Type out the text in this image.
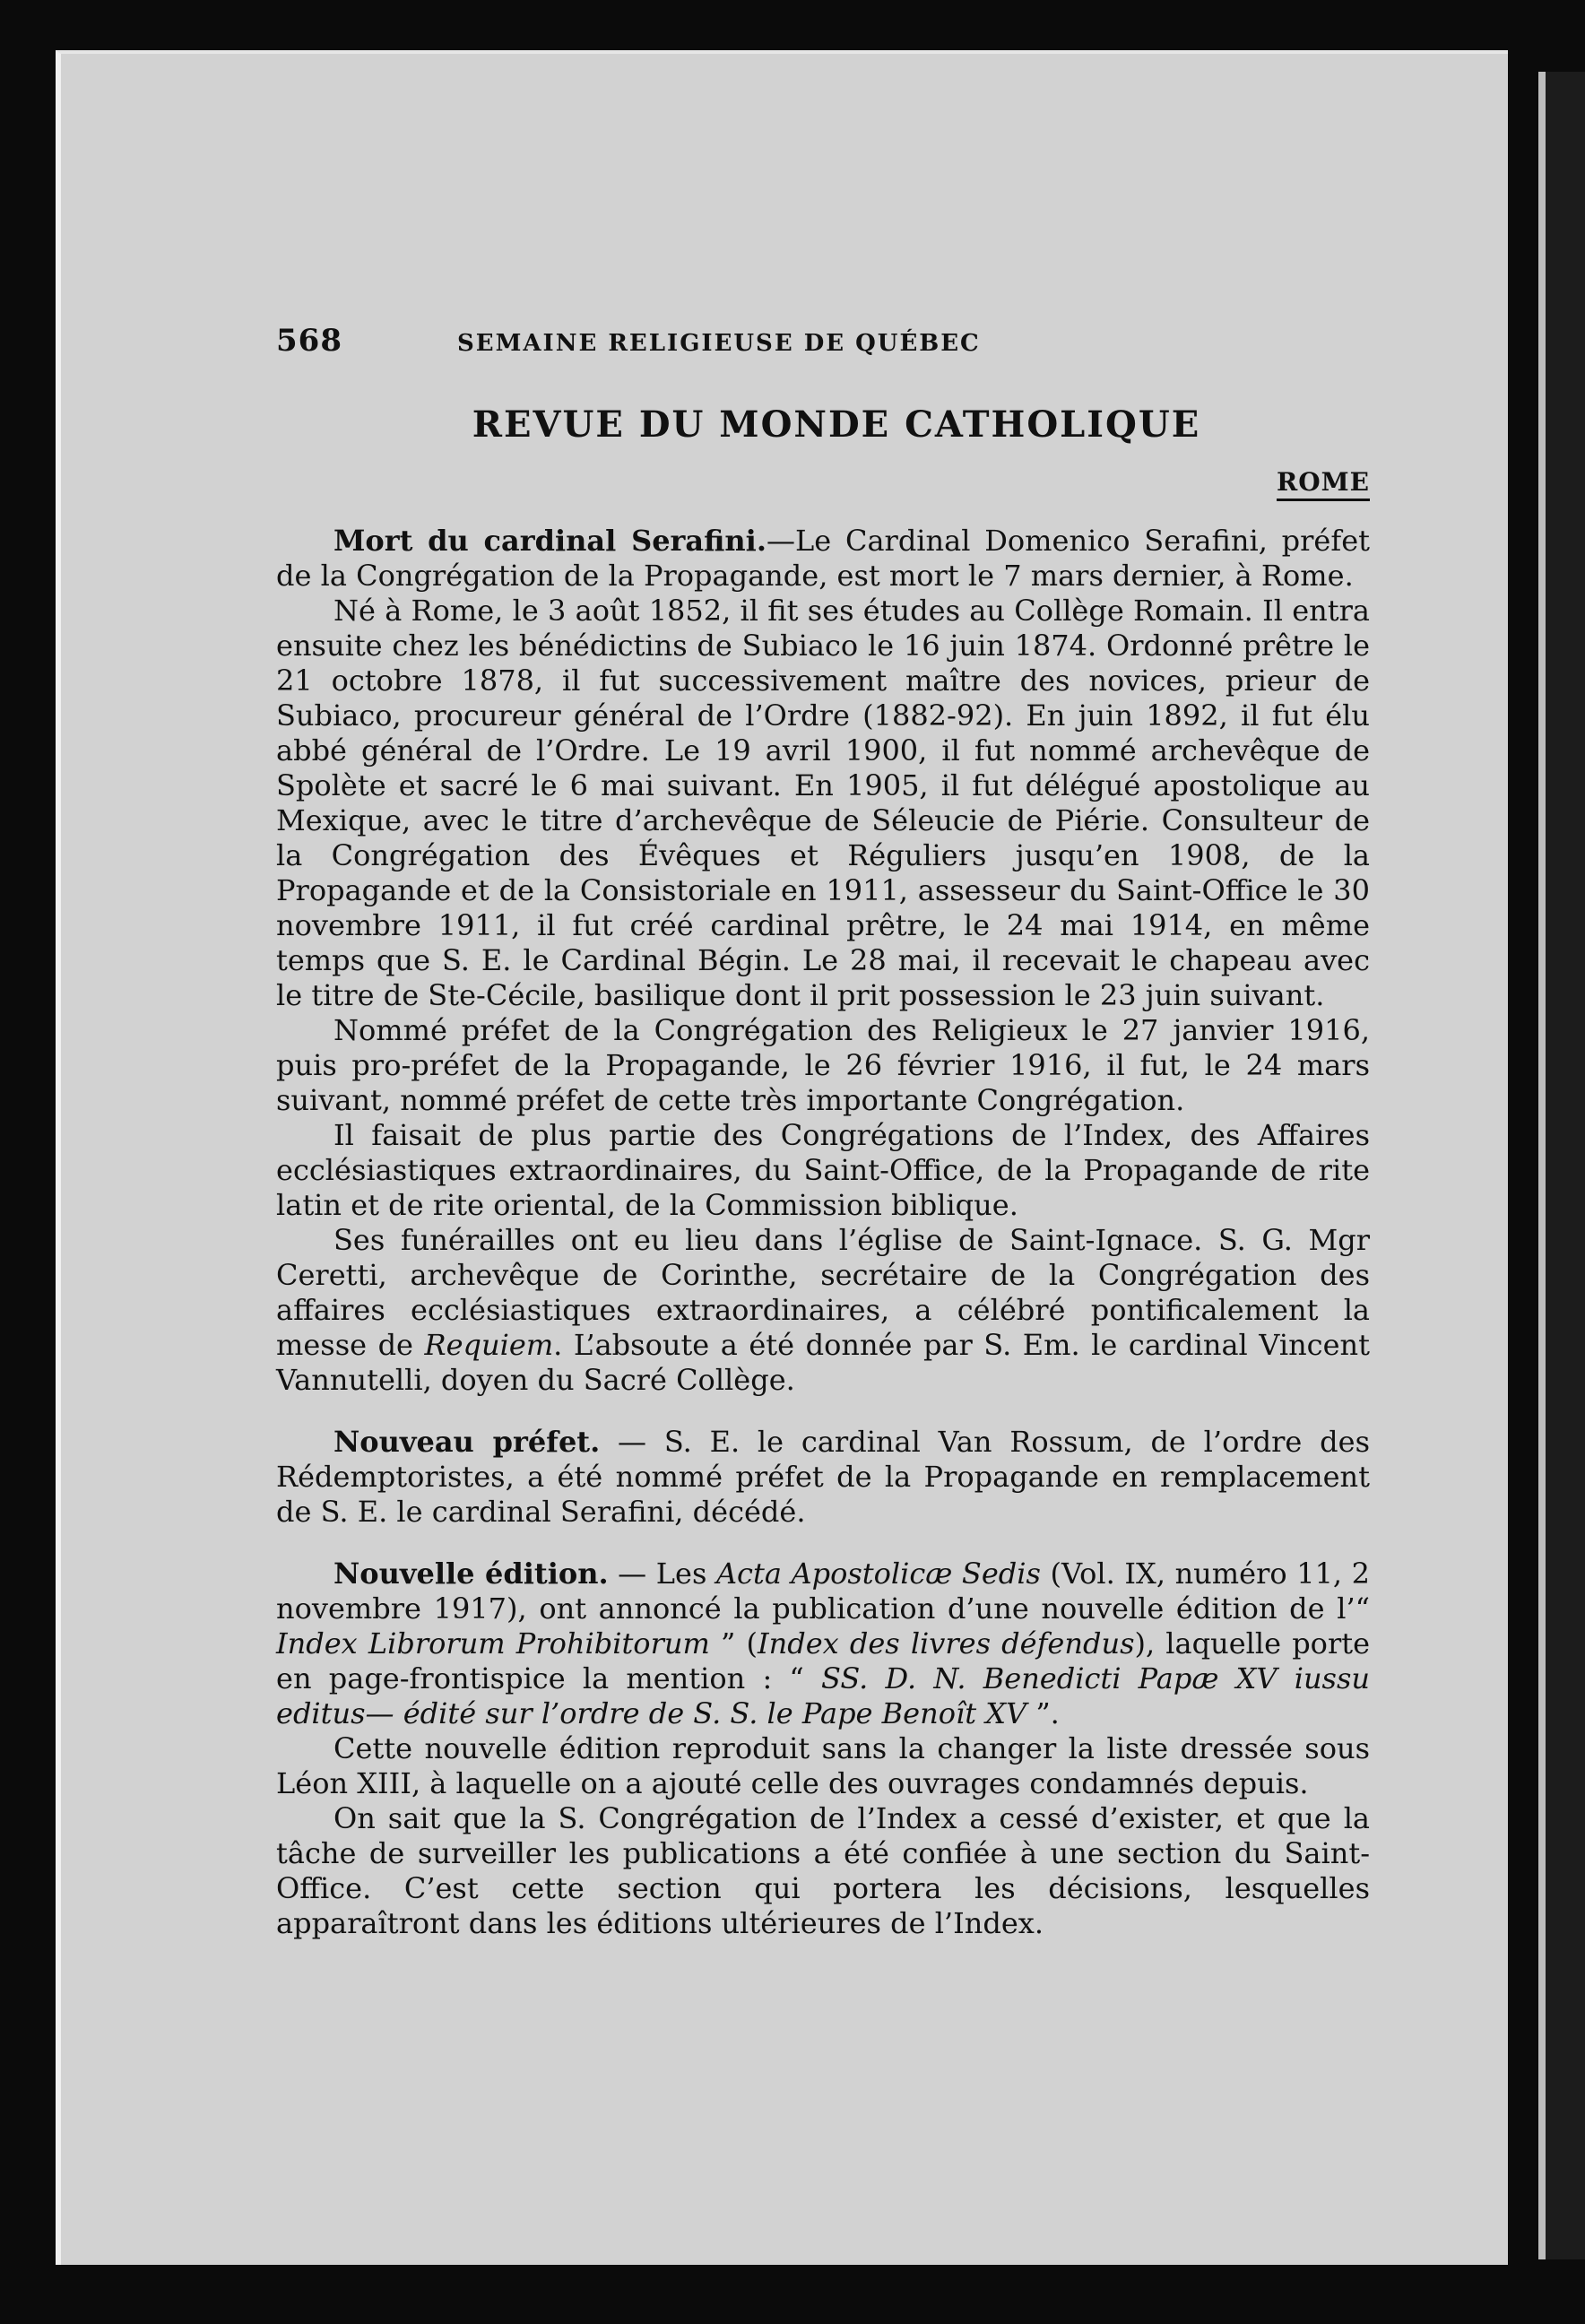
568	SEMAINE RELIGIEUSE DE QUÉBEC
REVUE DU MONDE CATHOLIQUE
ROME

Mort du cardinal Serafini.—Le Cardinal Domenico Serafini, préfet de la Congrégation de la Propagande, est mort le 7 mars dernier, à Rome.

Né à Rome, le 3 août 1852, il fit ses études au Collège Romain. Il entra ensuite chez les bénédictins de Subiaco le 16 juin 1874. Ordonné prêtre le 21 octobre 1878, il fut successivement maître des novices, prieur de Subiaco, procureur général de l’Ordre (1882-92). En juin 1892, il fut élu abbé général de l’Ordre. Le 19 avril 1900, il fut nommé archevêque de Spolète et sacré le 6 mai suivant. En 1905, il fut délégué apostolique au Mexique, avec le titre d’archevêque de Séleucie de Piérie. Consulteur de la Congrégation des Évêques et Réguliers jusqu’en 1908, de la Propagande et de la Consistoriale en 1911, assesseur du Saint-Office le 30 novembre 1911, il fut créé cardinal prêtre, le 24 mai 1914, en même temps que S. E. le Cardinal Bégin. Le 28 mai, il recevait le chapeau avec le titre de Ste-Cécile, basilique dont il prit possession le 23 juin suivant.

Nommé préfet de la Congrégation des Religieux le 27 janvier 1916, puis pro-préfet de la Propagande, le 26 février 1916, il fut, le 24 mars suivant, nommé préfet de cette très importante Congrégation.

Il faisait de plus partie des Congrégations de l’Index, des Affaires ecclésiastiques extraordinaires, du Saint-Office, de la Propagande de rite latin et de rite oriental, de la Commission biblique.

Ses funérailles ont eu lieu dans l’église de Saint-Ignace. S. G. Mgr Ceretti, archevêque de Corinthe, secrétaire de la Congrégation des affaires ecclésiastiques extraordinaires, a célébré pontificalement la messe de Requiem. L’absoute a été donnée par S. Em. le cardinal Vincent Vannutelli, doyen du Sacré Collège.

Nouveau préfet. — S. E. le cardinal Van Rossum, de l’ordre des Rédemptoristes, a été nommé préfet de la Propagande en remplacement de S. E. le cardinal Serafini, décédé.

Nouvelle édition. — Les Acta Apostolicæ Sedis (Vol. IX, numéro 11, 2 novembre 1917), ont annoncé la publication d’une nouvelle édition de l’“ Index Librorum Prohibitorum ” (Index des livres défendus), laquelle porte en page-frontispice la mention : “ SS. D. N. Benedicti Papæ XV iussu editus— édité sur l’ordre de S. S. le Pape Benoît XV ”.

Cette nouvelle édition reproduit sans la changer la liste dressée sous Léon XIII, à laquelle on a ajouté celle des ouvrages condamnés depuis.

On sait que la S. Congrégation de l’Index a cessé d’exister, et que la tâche de surveiller les publications a été confiée à une section du Saint-Office. C’est cette section qui portera les décisions, lesquelles apparaîtront dans les éditions ultérieures de l’Index.
